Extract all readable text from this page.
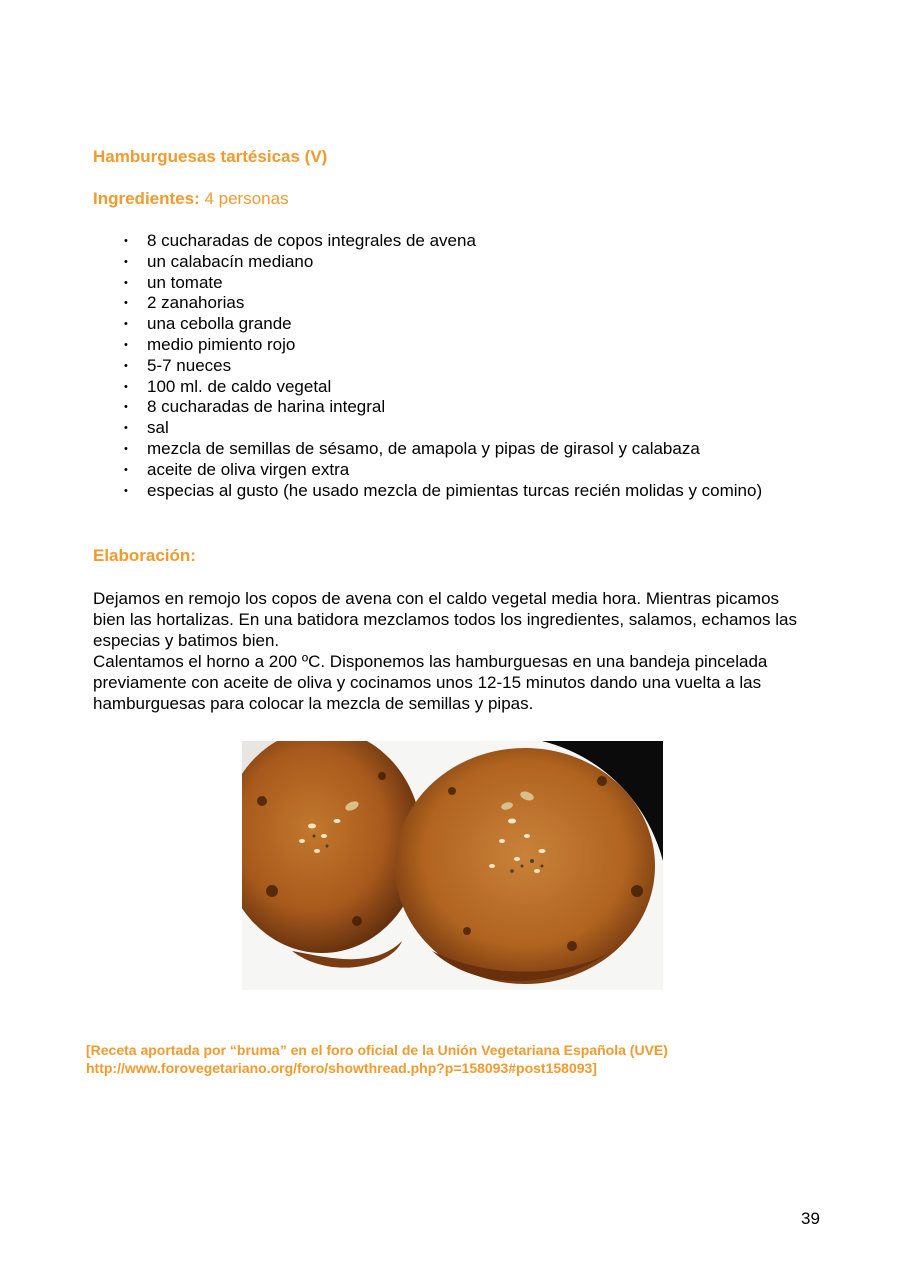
Hamburguesas tartésicas (V)
Ingredientes: 4 personas
• 8 cucharadas de copos integrales de avena
• un calabacín mediano
• un tomate
• 2 zanahorias
• una cebolla grande
• medio pimiento rojo
• 5-7 nueces
• 100 ml. de caldo vegetal
• 8 cucharadas de harina integral
• sal
• mezcla de semillas de sésamo, de amapola y pipas de girasol y calabaza
• aceite de oliva virgen extra
• especias al gusto (he usado mezcla de pimientas turcas recién molidas y comino)
Elaboración:

Dejamos en remojo los copos de avena con el caldo vegetal media hora. Mientras picamos bien las hortalizas. En una batidora mezclamos todos los ingredientes, salamos, echamos las especias y batimos bien.

Calentamos el horno a 200 ºC. Disponemos las hamburguesas en una bandeja pincelada previamente con aceite de oliva y cocinamos unos 12-15 minutos dando una vuelta a las hamburguesas para colocar la mezcla de semillas y pipas.

[Receta aportada por “bruma” en el foro oficial de la Unión Vegetariana Española (UVE)
http://www.forovegetariano.org/foro/showthread.php?p=158093#post158093]
39
